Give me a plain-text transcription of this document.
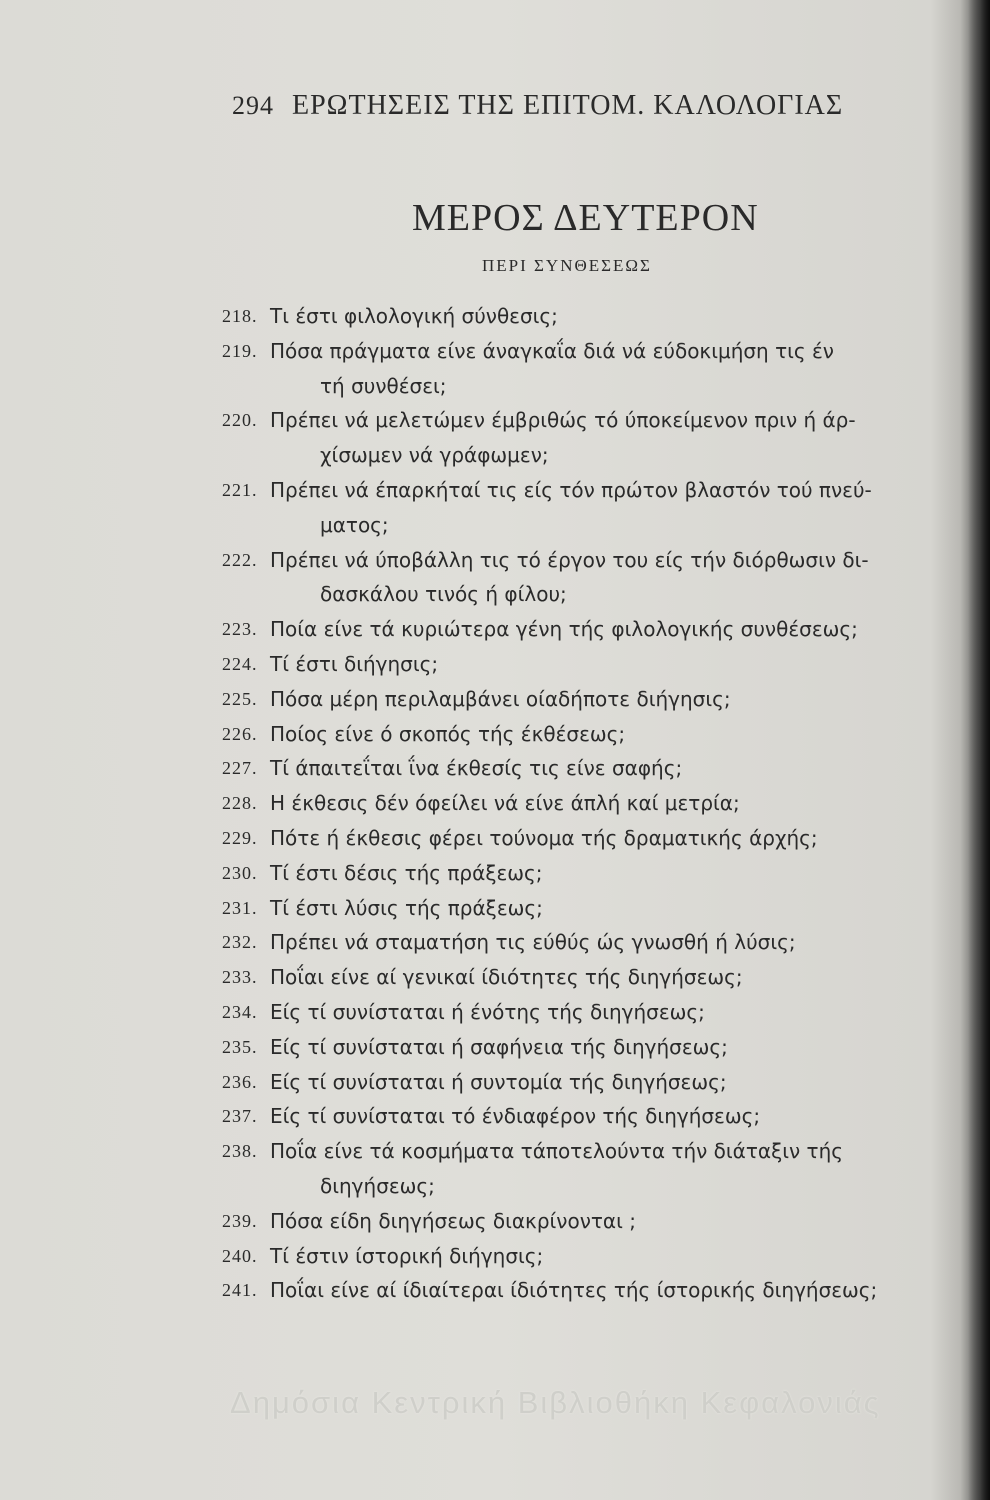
294 ΕΡΩΤΗΣΕΙΣ ΤΗΣ ΕΠΙΤΟΜ. ΚΑΛΟΛΟΓΙΑΣ
ΜΕΡΟΣ ΔΕΥΤΕΡΟΝ
ΠΕΡΙ ΣΥΝΘΕΣΕΩΣ
218. Τι έστι φιλολογική σύνθεσις;
219. Πόσα πράγματα είνε άναγκαΐα διά νά εύδοκιμήση τις έν
τή συνθέσει;
220. Πρέπει νά μελετώμεν έμβριθώς τό ύποκείμενον πριν ή άρ-
χίσωμεν νά γράφωμεν;
221. Πρέπει νά έπαρκήταί τις είς τόν πρώτον βλαστόν τού πνεύ-
ματος;
222. Πρέπει νά ύποβάλλη τις τό έργον του είς τήν διόρθωσιν δι-
δασκάλου τινός ή φίλου;
223. Ποία είνε τά κυριώτερα γένη τής φιλολογικής συνθέσεως;
224. Τί έστι διήγησις;
225. Πόσα μέρη περιλαμβάνει οίαδήποτε διήγησις;
226. Ποίος είνε ό σκοπός τής έκθέσεως;
227. Τί άπαιτεΐται ΐνα έκθεσίς τις είνε σαφής;
228. Η έκθεσις δέν όφείλει νά είνε άπλή καί μετρία;
229. Πότε ή έκθεσις φέρει τούνομα τής δραματικής άρχής;
230. Τί έστι δέσις τής πράξεως;
231. Τί έστι λύσις τής πράξεως;
232. Πρέπει νά σταματήση τις εύθύς ώς γνωσθή ή λύσις;
233. Ποΐαι είνε αί γενικαί ίδιότητες τής διηγήσεως;
234. Είς τί συνίσταται ή ένότης τής διηγήσεως;
235. Είς τί συνίσταται ή σαφήνεια τής διηγήσεως;
236. Είς τί συνίσταται ή συντομία τής διηγήσεως;
237. Είς τί συνίσταται τό ένδιαφέρον τής διηγήσεως;
238. Ποΐα είνε τά κοσμήματα τάποτελούντα τήν διάταξιν τής
διηγήσεως;
239. Πόσα είδη διηγήσεως διακρίνονται ;
240. Τί έστιν ίστορική διήγησις;
241. Ποΐαι είνε αί ίδιαίτεραι ίδιότητες τής ίστορικής διηγήσεως;
Δημόσια Κεντρική Βιβλιοθήκη Κεφαλονιάς
